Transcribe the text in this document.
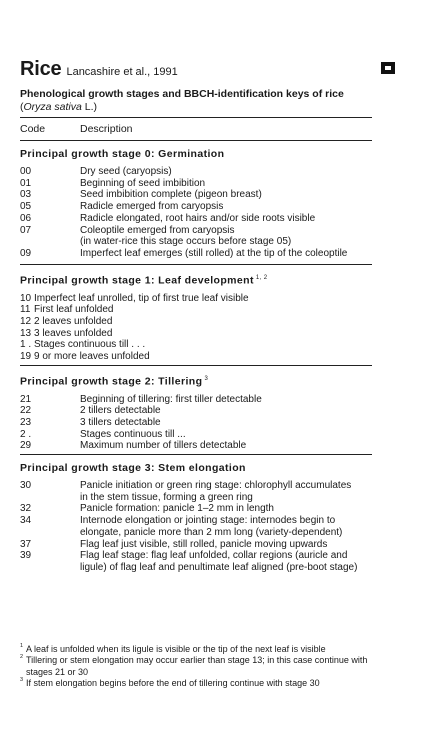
Rice Lancashire et al., 1991
Phenological growth stages and BBCH-identification keys of rice
(Oryza sativa L.)
Code	Description
Principal growth stage 0: Germination
00	Dry seed (caryopsis)
01	Beginning of seed imbibition
03	Seed imbibition complete (pigeon breast)
05	Radicle emerged from caryopsis
06	Radicle elongated, root hairs and/or side roots visible
07	Coleoptile emerged from caryopsis
(in water-rice this stage occurs before stage 05)
09	Imperfect leaf emerges (still rolled) at the tip of the coleoptile
Principal growth stage 1: Leaf development $^{1, 2}$
10 Imperfect leaf unrolled, tip of first true leaf visible
11 First leaf unfolded
12 2 leaves unfolded
13 3 leaves unfolded
1 . Stages continuous till . . .
19 9 or more leaves unfolded
Principal growth stage 2: Tillering $^3$
21	Beginning of tillering: first tiller detectable
22	2 tillers detectable
23	3 tillers detectable
2 .	Stages continuous till ...
29	Maximum number of tillers detectable
Principal growth stage 3: Stem elongation
30	Panicle initiation or green ring stage: chlorophyll accumulates
in the stem tissue, forming a green ring
32	Panicle formation: panicle 1–2 mm in length
34	Internode elongation or jointing stage: internodes begin to
elongate, panicle more than 2 mm long (variety-dependent)
37	Flag leaf just visible, still rolled, panicle moving upwards
39	Flag leaf stage: flag leaf unfolded, collar regions (auricle and
ligule) of flag leaf and penultimate leaf aligned (pre-boot stage)
1 A leaf is unfolded when its ligule is visible or the tip of the next leaf is visible
2 Tillering or stem elongation may occur earlier than stage 13; in this case continue with stages 21 or 30
3 If stem elongation begins before the end of tillering continue with stage 30
